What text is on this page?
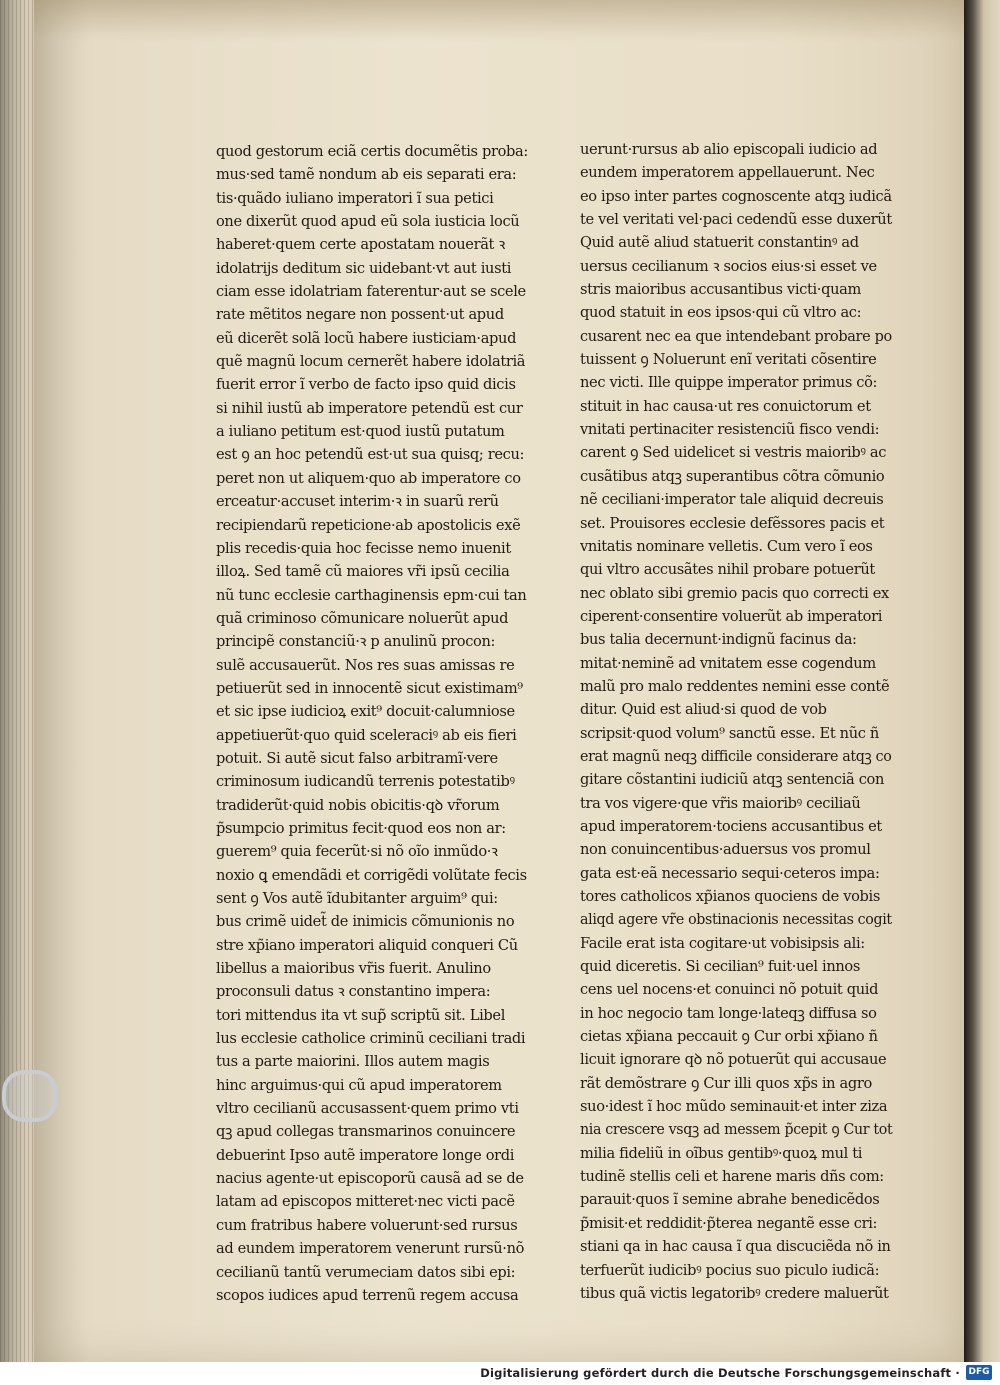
quod gestorum eciã certis documẽtis proba:
mus·sed tamẽ nondum ab eis separati era:
tis·quãdo iuliano imperatori ĩ sua petici
one dixerũt quod apud eũ sola iusticia locũ
haberet·quem certe apostatam nouerãt ꝛ
idolatrijs deditum sic uidebant·vt aut iusti
ciam esse idolatriam faterentur·aut se scele
rate mẽtitos negare non possent·ut apud
eũ dicerẽt solã locũ habere iusticiam·apud
quẽ magnũ locum cernerẽt habere idolatriã
fuerit error ĩ verbo de facto ipso quid dicis
si nihil iustũ ab imperatore petendũ est cur
a iuliano petitum est·quod iustũ putatum
est ꝯ an hoc petendũ est·ut sua quisq; recu:
peret non ut aliquem·quo ab imperatore co
erceatur·accuset interim·ꝛ in suarũ rerũ
recipiendarũ repeticione·ab apostolicis exẽ
plis recedis·quia hoc fecisse nemo inuenit
illoꝝ. Sed tamẽ cũ maiores vr̃i ipsũ cecilia
nũ tunc ecclesie carthaginensis epm·cui tan
quã criminoso cõmunicare noluerũt apud
principẽ constanciũ·ꝛ p anulinũ procon:
sulẽ accusauerũt. Nos res suas amissas re
petiuerũt sed in innocentẽ sicut existimam⁹
et sic ipse iudicioꝝ exit⁹ docuit·calumniose
appetiuerũt·quo quid sceleraciꝰ ab eis fieri
potuit. Si autẽ sicut falso arbitramĩ·vere
criminosum iudicandũ terrenis potestatibꝰ
tradiderũt·quid nobis obicitis·qꝺ vr̃orum
p̃sumpcio primitus fecit·quod eos non ar:
guerem⁹ quia fecerũt·si nõ oĩo inmũdo·ꝛ
noxio ꝗ emendãdi et corrigẽdi volũtate fecis
sent ꝯ Vos autẽ ĩdubitanter arguim⁹ qui:
bus crimẽ uidet̃ de inimicis cõmunionis no
stre xp̃iano imperatori aliquid conqueri Cũ
libellus a maioribus vr̃is fuerit. Anulino
proconsuli datus ꝛ constantino impera:
tori mittendus ita vt sup̃ scriptũ sit. Libel
lus ecclesie catholice criminũ ceciliani tradi
tus a parte maiorini. Illos autem magis
hinc arguimus·qui cũ apud imperatorem
vltro cecilianũ accusassent·quem primo vti
qꝫ apud collegas transmarinos conuincere
debuerint Ipso autẽ imperatore longe ordi
nacius agente·ut episcoporũ causã ad se de
latam ad episcopos mitteret·nec victi pacẽ
cum fratribus habere voluerunt·sed rursus
ad eundem imperatorem venerunt rursũ·nõ
cecilianũ tantũ verumeciam datos sibi epi:
scopos iudices apud terrenũ regem accusa
uerunt·rursus ab alio episcopali iudicio ad
eundem imperatorem appellauerunt. Nec
eo ipso inter partes cognoscente atqꝫ iudicã
te vel veritati vel·paci cedendũ esse duxerũt
Quid autẽ aliud statuerit constantinꝰ ad
uersus cecilianum ꝛ socios eius·si esset ve
stris maioribus accusantibus victi·quam
quod statuit in eos ipsos·qui cũ vltro ac:
cusarent nec ea que intendebant probare po
tuissent ꝯ Noluerunt enĩ veritati cõsentire
nec victi. Ille quippe imperator primus cõ:
stituit in hac causa·ut res conuictorum et
vnitati pertinaciter resistenciũ fisco vendi:
carent ꝯ Sed uidelicet si vestris maioribꝰ ac
cusãtibus atqꝫ superantibus cõtra cõmunio
nẽ ceciliani·imperator tale aliquid decreuis
set. Prouisores ecclesie defẽssores pacis et
vnitatis nominare velletis. Cum vero ĩ eos
qui vltro accusãtes nihil probare potuerũt
nec oblato sibi gremio pacis quo correcti ex
ciperent·consentire voluerũt ab imperatori
bus talia decernunt·indignũ facinus da:
mitat·neminẽ ad vnitatem esse cogendum
malũ pro malo reddentes nemini esse contẽ
ditur. Quid est aliud·si quod de vob
scripsit·quod volum⁹ sanctũ esse. Et nũc ñ
erat magnũ neqꝫ difficile considerare atqꝫ co
gitare cõstantini iudiciũ atqꝫ sentenciã con
tra vos vigere·que vr̃is maioribꝰ ceciliaũ
apud imperatorem·tociens accusantibus et
non conuincentibus·aduersus vos promul
gata est·eã necessario sequi·ceteros impa:
tores catholicos xp̃ianos quociens de vobis
aliqd agere vr̃e obstinacionis necessitas cogit
Facile erat ista cogitare·ut vobisipsis ali:
quid diceretis. Si cecilian⁹ fuit·uel innos
cens uel nocens·et conuinci nõ potuit quid
in hoc negocio tam longe·lateqꝫ diffusa so
cietas xp̃iana peccauit ꝯ Cur orbi xp̃iano ñ
licuit ignorare qꝺ nõ potuerũt qui accusaue
rãt demõstrare ꝯ Cur illi quos xp̃s in agro
suo·idest ĩ hoc mũdo seminauit·et inter ziza
nia crescere vsqꝫ ad messem p̃cepit ꝯ Cur tot
milia fideliũ in oĩbus gentibꝰ·quoꝝ mul ti
tudinẽ stellis celi et harene maris dñs com:
parauit·quos ĩ semine abrahe benedicẽdos
p̃misit·et reddidit·p̃terea negantẽ esse cri:
stiani qa in hac causa ĩ qua discuciẽda nõ in
terfuerũt iudicibꝰ pocius suo piculo iudicã:
tibus quã victis legatoribꝰ credere maluerũt
Digitalisierung gefördert durch die Deutsche Forschungsgemeinschaft · DFG
